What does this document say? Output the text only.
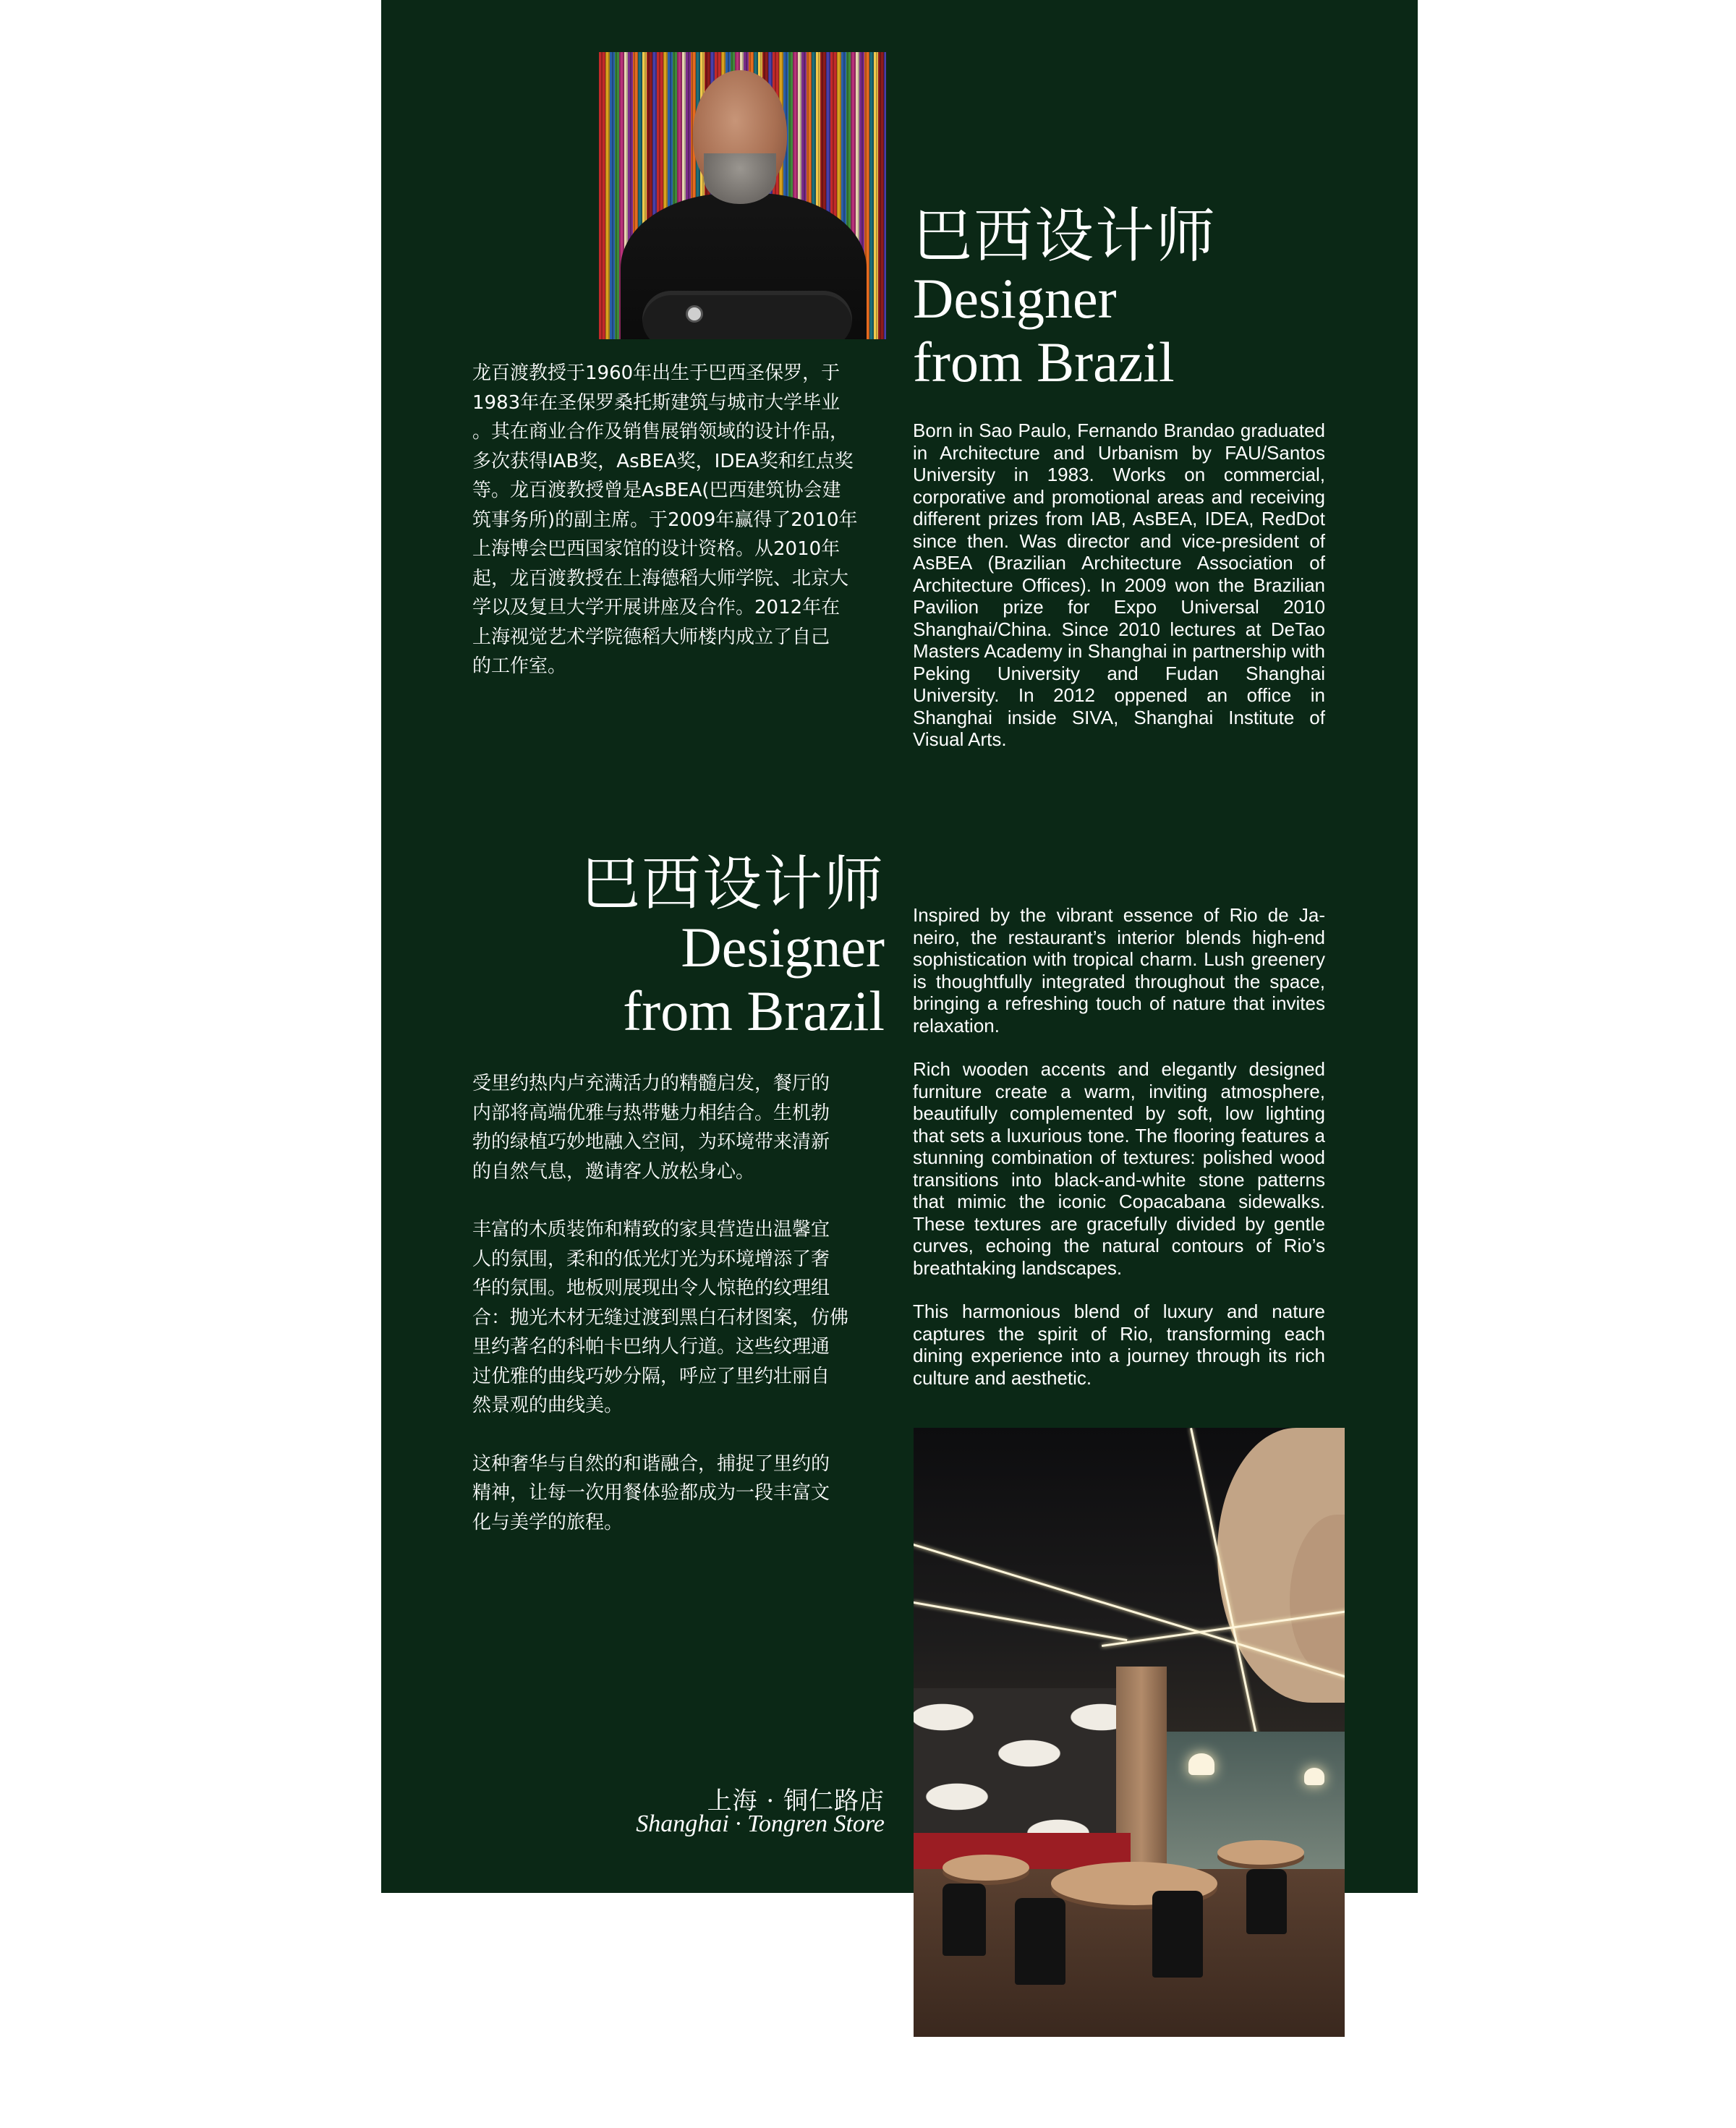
巴西设计师
Designer
from Brazil
龙百渡教授于1960年出生于巴西圣保罗，于
1983年在圣保罗桑托斯建筑与城市大学毕业
。其在商业合作及销售展销领域的设计作品，
多次获得IAB奖，AsBEA奖，IDEA奖和红点奖
等。龙百渡教授曾是AsBEA(巴西建筑协会建
筑事务所)的副主席。于2009年赢得了2010年
上海博会巴西国家馆的设计资格。从2010年
起，龙百渡教授在上海德稻大师学院、北京大
学以及复旦大学开展讲座及合作。2012年在
上海视觉艺术学院德稻大师楼内成立了自己
的工作室。

Born in Sao Paulo, Fernando Brandao graduated in Architecture and Urbanism by FAU/Santos University in 1983. Works on commercial, corporative and promotional areas and receiving different prizes from IAB, AsBEA, IDEA, RedDot since then. Was director and vice-president of AsBEA (Brazilian Architecture Association of Architecture Offices). In 2009 won the Brazilian Pavilion prize for Expo Universal 2010 Shanghai/China. Since 2010 lectures at DeTao Masters Academy in Shanghai in partnership with Peking University and Fudan Shanghai University. In 2012 oppened an office in Shanghai inside SIVA, Shanghai Institute of Visual Arts.

巴西设计师
Designer
from Brazil
受里约热内卢充满活力的精髓启发，餐厅的
内部将高端优雅与热带魅力相结合。生机勃
勃的绿植巧妙地融入空间，为环境带来清新
的自然气息，邀请客人放松身心。
丰富的木质装饰和精致的家具营造出温馨宜
人的氛围，柔和的低光灯光为环境增添了奢
华的氛围。地板则展现出令人惊艳的纹理组
合：抛光木材无缝过渡到黑白石材图案，仿佛
里约著名的科帕卡巴纳人行道。这些纹理通
过优雅的曲线巧妙分隔，呼应了里约壮丽自
然景观的曲线美。
这种奢华与自然的和谐融合，捕捉了里约的
精神，让每一次用餐体验都成为一段丰富文
化与美学的旅程。

Inspired by the vibrant essence of Rio de Janeiro, the restaurant’s interior blends high-end sophistication with tropical charm. Lush greenery is thoughtfully integrated throughout the space, bringing a refreshing touch of nature that invites relaxation.

Rich wooden accents and elegantly designed furniture create a warm, inviting atmosphere, beautifully complemented by soft, low lighting that sets a luxurious tone. The flooring features a stunning combination of textures: polished wood transitions into black-and-white stone patterns that mimic the iconic Copacabana sidewalks. These textures are gracefully divided by gentle curves, echoing the natural contours of Rio’s breathtaking landscapes.

This harmonious blend of luxury and nature captures the spirit of Rio, transforming each dining experience into a journey through its rich culture and aesthetic.

上海 · 铜仁路店
Shanghai · Tongren Store
